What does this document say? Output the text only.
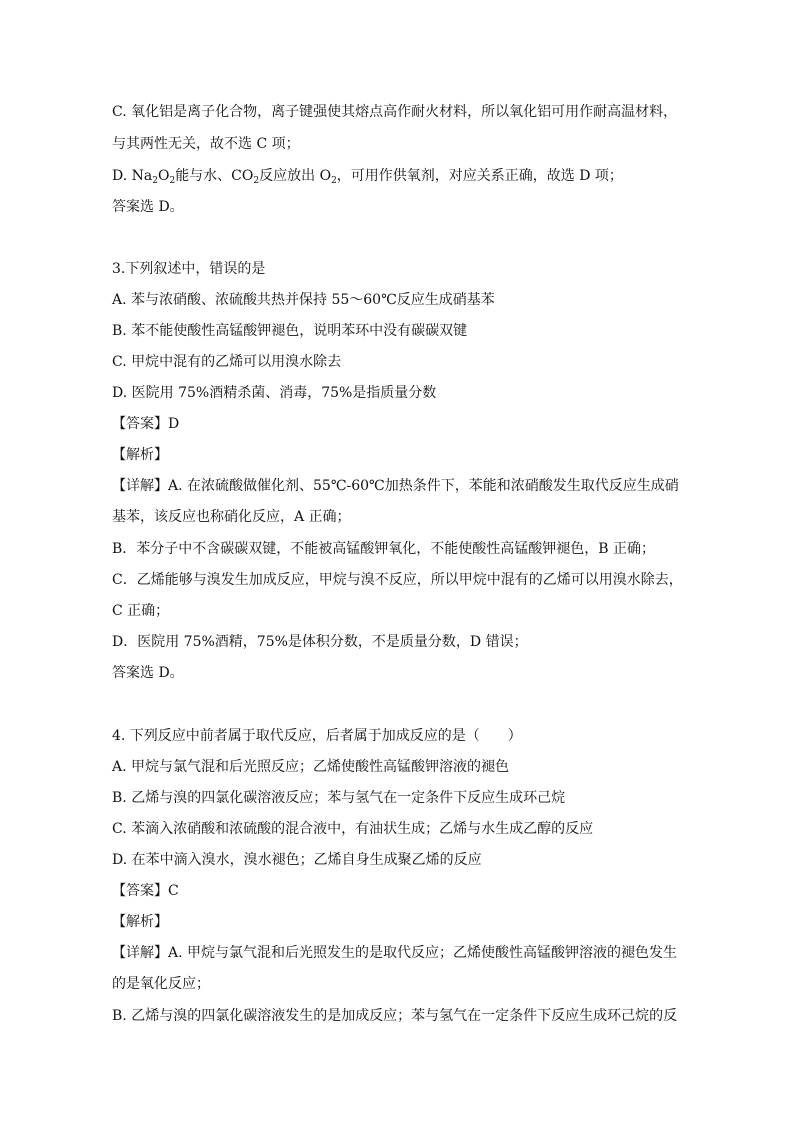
C. 氧化铝是离子化合物，离子键强使其熔点高作耐火材料，所以氧化铝可用作耐高温材料，
与其两性无关，故不选 C 项；
D. $Na_2O_2$能与水、$CO_2$反应放出 $O_2$，可用作供氧剂，对应关系正确，故选 D 项；
答案选 D。
3.下列叙述中，错误的是
A. 苯与浓硝酸、浓硫酸共热并保持 55～60℃反应生成硝基苯
B. 苯不能使酸性高锰酸钾褪色，说明苯环中没有碳碳双键
C. 甲烷中混有的乙烯可以用溴水除去
D. 医院用 75%酒精杀菌、消毒，75%是指质量分数
【答案】D
【解析】
【详解】A. 在浓硫酸做催化剂、55℃-60℃加热条件下，苯能和浓硝酸发生取代反应生成硝
基苯，该反应也称硝化反应，A 正确；
B．苯分子中不含碳碳双键，不能被高锰酸钾氧化，不能使酸性高锰酸钾褪色，B 正确；
C．乙烯能够与溴发生加成反应，甲烷与溴不反应，所以甲烷中混有的乙烯可以用溴水除去，
C 正确；
D．医院用 75%酒精，75%是体积分数，不是质量分数，D 错误；
答案选 D。
4. 下列反应中前者属于取代反应，后者属于加成反应的是（　　）
A. 甲烷与氯气混和后光照反应；乙烯使酸性高锰酸钾溶液的褪色
B. 乙烯与溴的四氯化碳溶液反应；苯与氢气在一定条件下反应生成环己烷
C. 苯滴入浓硝酸和浓硫酸的混合液中，有油状生成；乙烯与水生成乙醇的反应
D. 在苯中滴入溴水，溴水褪色；乙烯自身生成聚乙烯的反应
【答案】C
【解析】
【详解】A. 甲烷与氯气混和后光照发生的是取代反应；乙烯使酸性高锰酸钾溶液的褪色发生
的是氧化反应；
B. 乙烯与溴的四氯化碳溶液发生的是加成反应；苯与氢气在一定条件下反应生成环己烷的反
